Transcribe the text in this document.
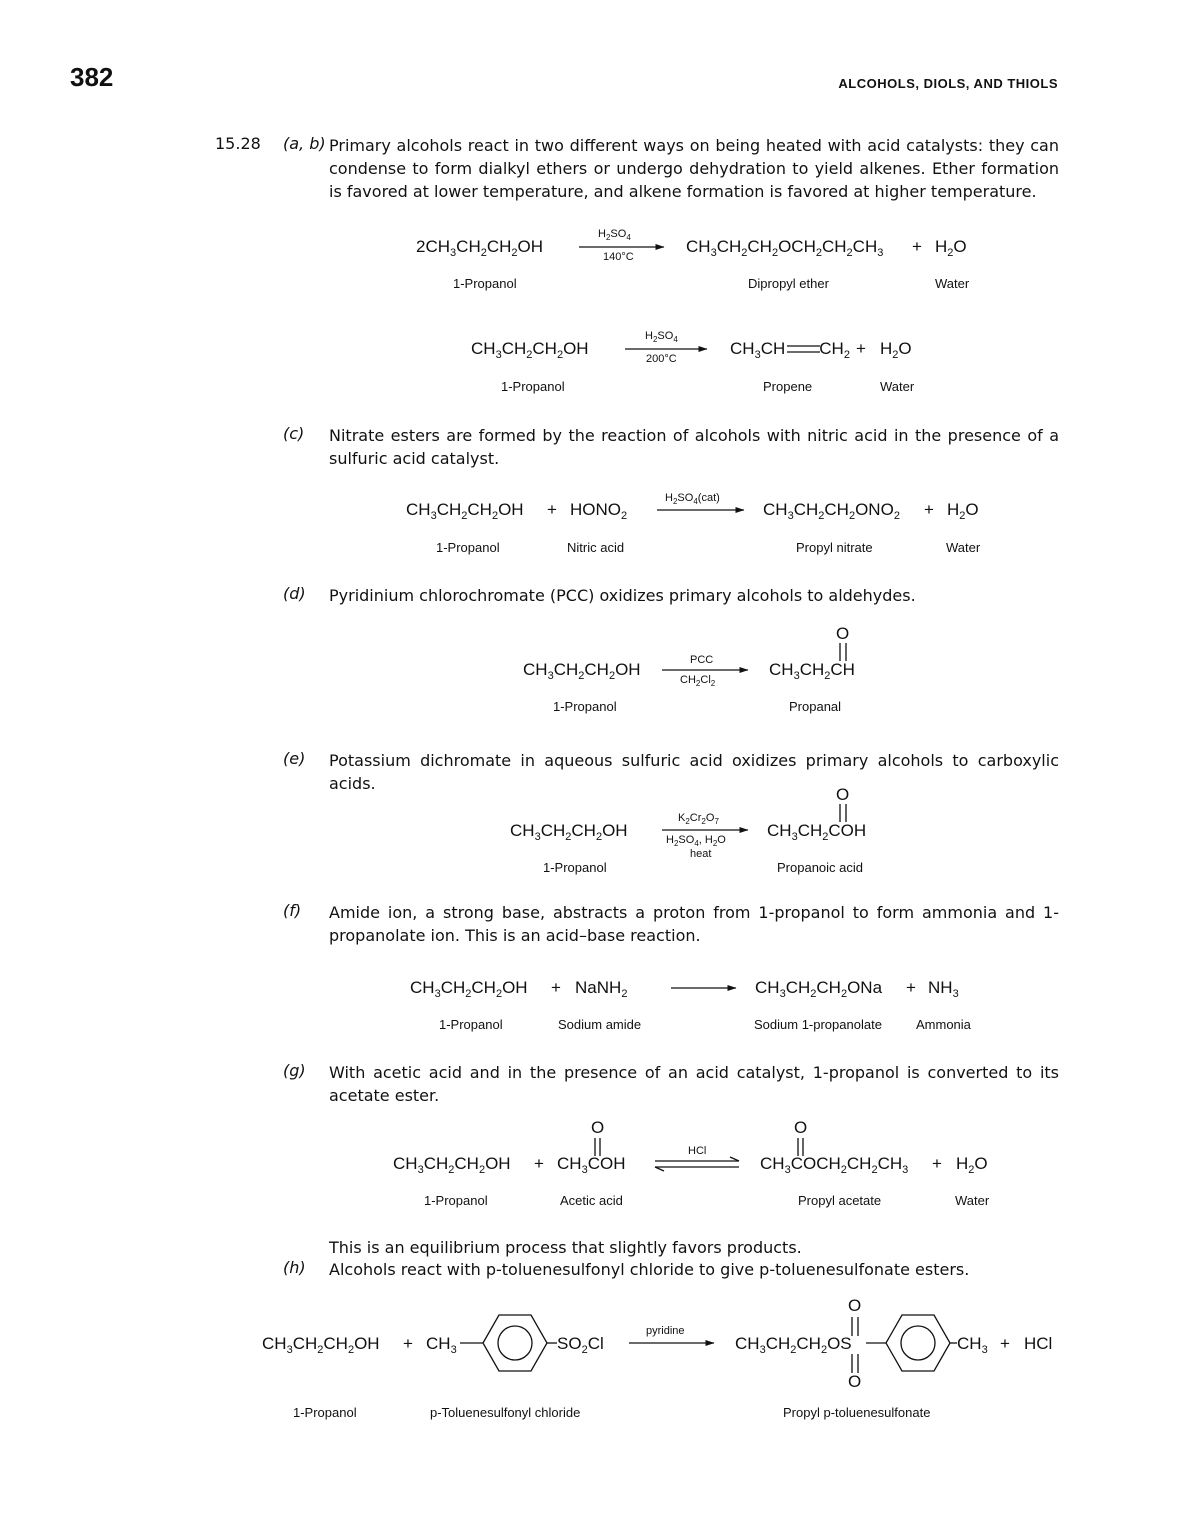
382	ALCOHOLS, DIOLS, AND THIOLS
15.28 (a, b) Primary alcohols react in two different ways on being heated with acid catalysts: they can condense to form dialkyl ethers or undergo dehydration to yield alkenes. Ether formation is favored at lower temperature, and alkene formation is favored at higher temperature.
$2CH_3CH_2CH_2OH$
$H_2SO_4$
140°C
$CH_3CH_2CH_2OCH_2CH_2CH_3 + H_2O$
1-Propanol	Dipropyl ether	Water
$CH_3CH_2CH_2OH$
$H_2SO_4$
200°C
$CH_3CH$ $CH_2 + H_2O$
1-Propanol	Propene	Water
(c) Nitrate esters are formed by the reaction of alcohols with nitric acid in the presence of a sulfuric acid catalyst.
$CH_3CH_2CH_2OH$ + $HONO_2$
$H_2SO_4(cat)$
$CH_3CH_2CH_2ONO_2 + H_2O$
1-Propanol	Nitric acid	Propyl nitrate	Water
(d) Pyridinium chlorochromate (PCC) oxidizes primary alcohols to aldehydes.
O
$CH_3CH_2CH_2OH$	PCC
$CH_2Cl_2$
$CH_3CH_2CH$
1-Propanol	Propanal
(e) Potassium dichromate in aqueous sulfuric acid oxidizes primary alcohols to carboxylic acids.
O
$CH_3CH_2CH_2OH$
$K_2Cr_2O_7$
$H_2SO_4$, $H_2O$
heat
$CH_3CH_2COH$
1-Propanol	Propanoic acid
(f) Amide ion, a strong base, abstracts a proton from 1-propanol to form ammonia and 1-propanolate ion. This is an acid–base reaction.
$CH_3CH_2CH_2OH$ + NaNH$_2$	$CH_3CH_2CH_2ONa + NH_3$
1-Propanol	Sodium amide	Sodium 1-propanolate	Ammonia
(g) With acetic acid and in the presence of an acid catalyst, 1-propanol is converted to its acetate ester.
O	O
$CH_3CH_2CH_2OH + CH_3COH$
HCl
$CH_3COCH_2CH_2CH_3 + H_2O$
1-Propanol	Acetic acid	Propyl acetate	Water
This is an equilibrium process that slightly favors products.
(h) Alcohols react with p-toluenesulfonyl chloride to give p-toluenesulfonate esters.
O
O
$CH_3CH_2CH_2OH + CH_3$	$SO_2Cl$
pyridine
$CH_3CH_2CH_2OS$	$CH_3$ + HCl
1-Propanol	p-Toluenesulfonyl chloride	Propyl p-toluenesulfonate
